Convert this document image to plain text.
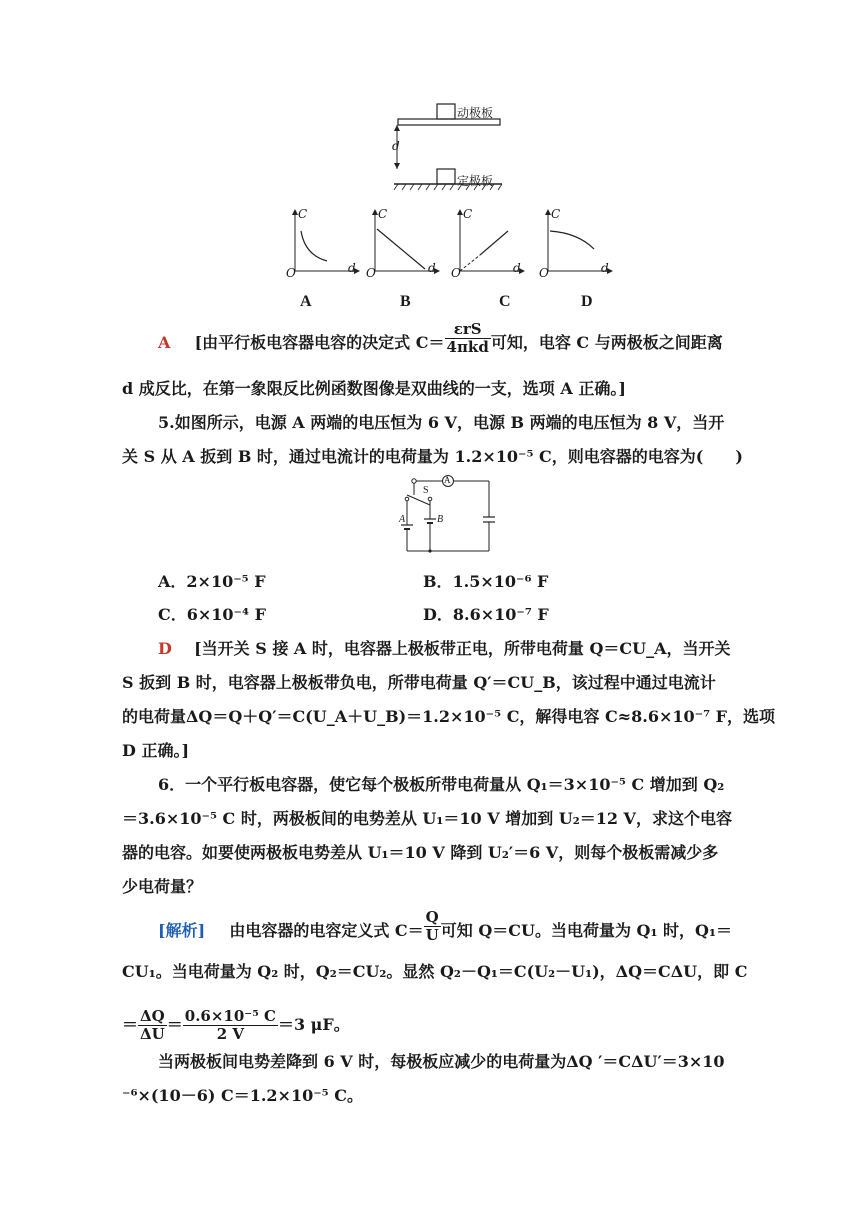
动极板
定极板
d
C
d
O
C
d
O
C
d
O
C
d
O
A	B	C	D
A [由平行板电容器电容的决定式 $C= \frac{\text{εrS}}{\text{4πkd}}$ 可知，电容 C 与两极板之间距离
d 成反比，在第一象限反比例函数图像是双曲线的一支，选项 A 正确。]
5.如图所示，电源 A 两端的电压恒为 6 V，电源 B 两端的电压恒为 8 V，当开
关 S 从 A 扳到 B 时，通过电流计的电荷量为 1.2×10⁻⁵ C，则电容器的电容为(　　)
S
A
A	B
A．2×10⁻⁵ F	B．1.5×10⁻⁶ F
C．6×10⁻⁴ F	D．8.6×10⁻⁷ F
D [当开关 S 接 A 时，电容器上极板带正电，所带电荷量 Q＝CU_A，当开关
S 扳到 B 时，电容器上极板带负电，所带电荷量 Q′＝CU_B，该过程中通过电流计
的电荷量ΔQ＝Q＋Q′＝C(U_A＋U_B)＝1.2×10⁻⁵ C，解得电容 C≈8.6×10⁻⁷ F，选项
D 正确。]
6．一个平行板电容器，使它每个极板所带电荷量从 Q₁＝3×10⁻⁵ C 增加到 Q₂
＝3.6×10⁻⁵ C 时，两极板间的电势差从 U₁＝10 V 增加到 U₂＝12 V，求这个电容
器的电容。如要使两极板电势差从 U₁＝10 V 降到 U₂′＝6 V，则每个极板需减少多
少电荷量？
[解析] 由电容器的电容定义式 $C= \frac{Q}{U}$ 可知 Q＝CU。当电荷量为 Q₁ 时，Q₁＝
CU₁。当电荷量为 Q₂ 时，Q₂＝CU₂。显然 Q₂－Q₁＝C(U₂－U₁)，ΔQ＝CΔU，即 C
＝ $\frac{\Delta Q}{\Delta U} = \frac{\text{0.6×10⁻⁵ C}}{2 V} =3$ μF。
当两极板间电势差降到 6 V 时，每极板应减少的电荷量为ΔQ ′＝CΔU′＝3×10
⁻⁶×(10－6) C＝1.2×10⁻⁵ C。
